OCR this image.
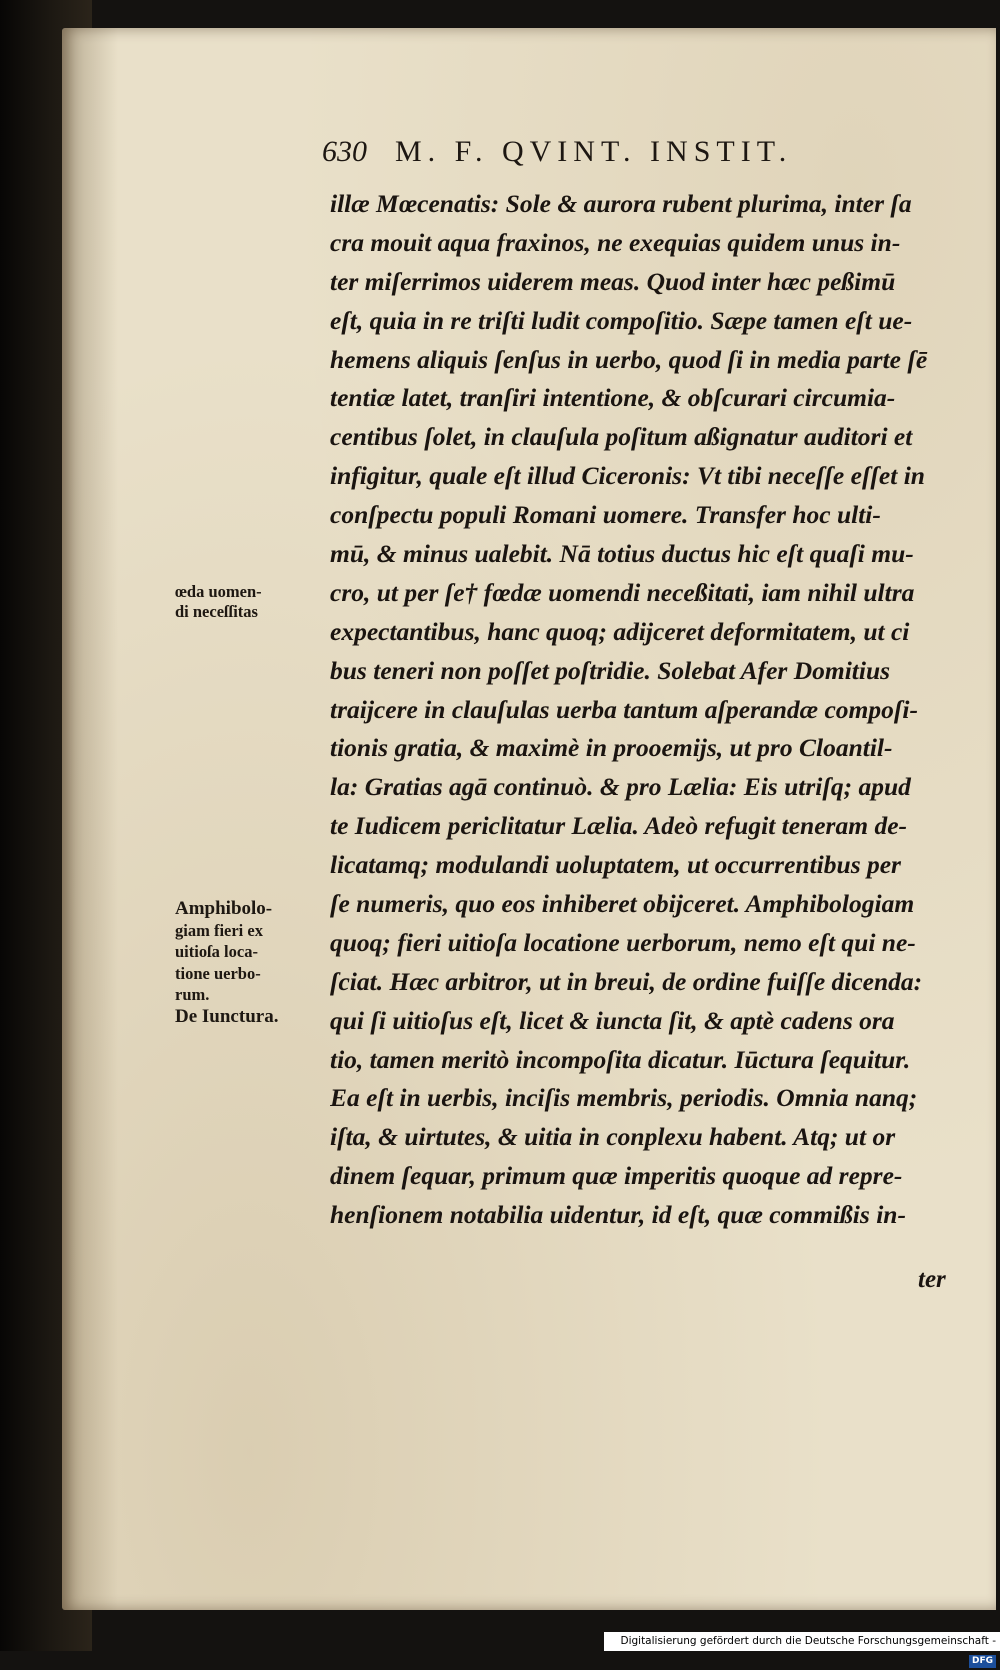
630 M. F. QVINT. INSTIT.
illæ Mœcenatis: Sole & aurora rubent plurima, inter ſa
cra mouit aqua fraxinos, ne exequias quidem unus in-
ter miſerrimos uiderem meas. Quod inter hæc peßimū
eſt, quia in re triſti ludit compoſitio. Sæpe tamen eſt ue-
hemens aliquis ſenſus in uerbo, quod ſi in media parte ſē
tentiæ latet, tranſiri intentione, & obſcurari circumia-
centibus ſolet, in clauſula poſitum aßignatur auditori et
infigitur, quale eſt illud Ciceronis: Vt tibi neceſſe eſſet in
conſpectu populi Romani uomere. Transfer hoc ulti-
mū, & minus ualebit. Nā totius ductus hic eſt quaſi mu-
cro, ut per ſe† fœdæ uomendi neceßitati, iam nihil ultra
expectantibus, hanc quoq; adijceret deformitatem, ut ci
bus teneri non poſſet poſtridie. Solebat Afer Domitius
traijcere in clauſulas uerba tantum aſperandæ compoſi-
tionis gratia, & maximè in prooemijs, ut pro Cloantil-
la: Gratias agā continuò. & pro Lælia: Eis utriſq; apud
te Iudicem periclitatur Lælia. Adeò refugit teneram de-
licatamq; modulandi uoluptatem, ut occurrentibus per
ſe numeris, quo eos inhiberet obijceret. Amphibologiam
quoq; fieri uitioſa locatione uerborum, nemo eſt qui ne-
ſciat. Hæc arbitror, ut in breui, de ordine fuiſſe dicenda:
qui ſi uitioſus eſt, licet & iuncta ſit, & aptè cadens ora
tio, tamen meritò incompoſita dicatur. Iūctura ſequitur.
Ea eſt in uerbis, inciſis membris, periodis. Omnia nanq;
iſta, & uirtutes, & uitia in conplexu habent. Atq; ut or
dinem ſequar, primum quæ imperitis quoque ad repre-
henſionem notabilia uidentur, id eſt, quæ commißis in-
ter
œda uomen-
di neceſſitas
Amphibolo-
giam fieri ex
uitioſa loca-
tione uerbo-
rum.
De Iunctura.
Digitalisierung gefördert durch die Deutsche Forschungsgemeinschaft - DFG
